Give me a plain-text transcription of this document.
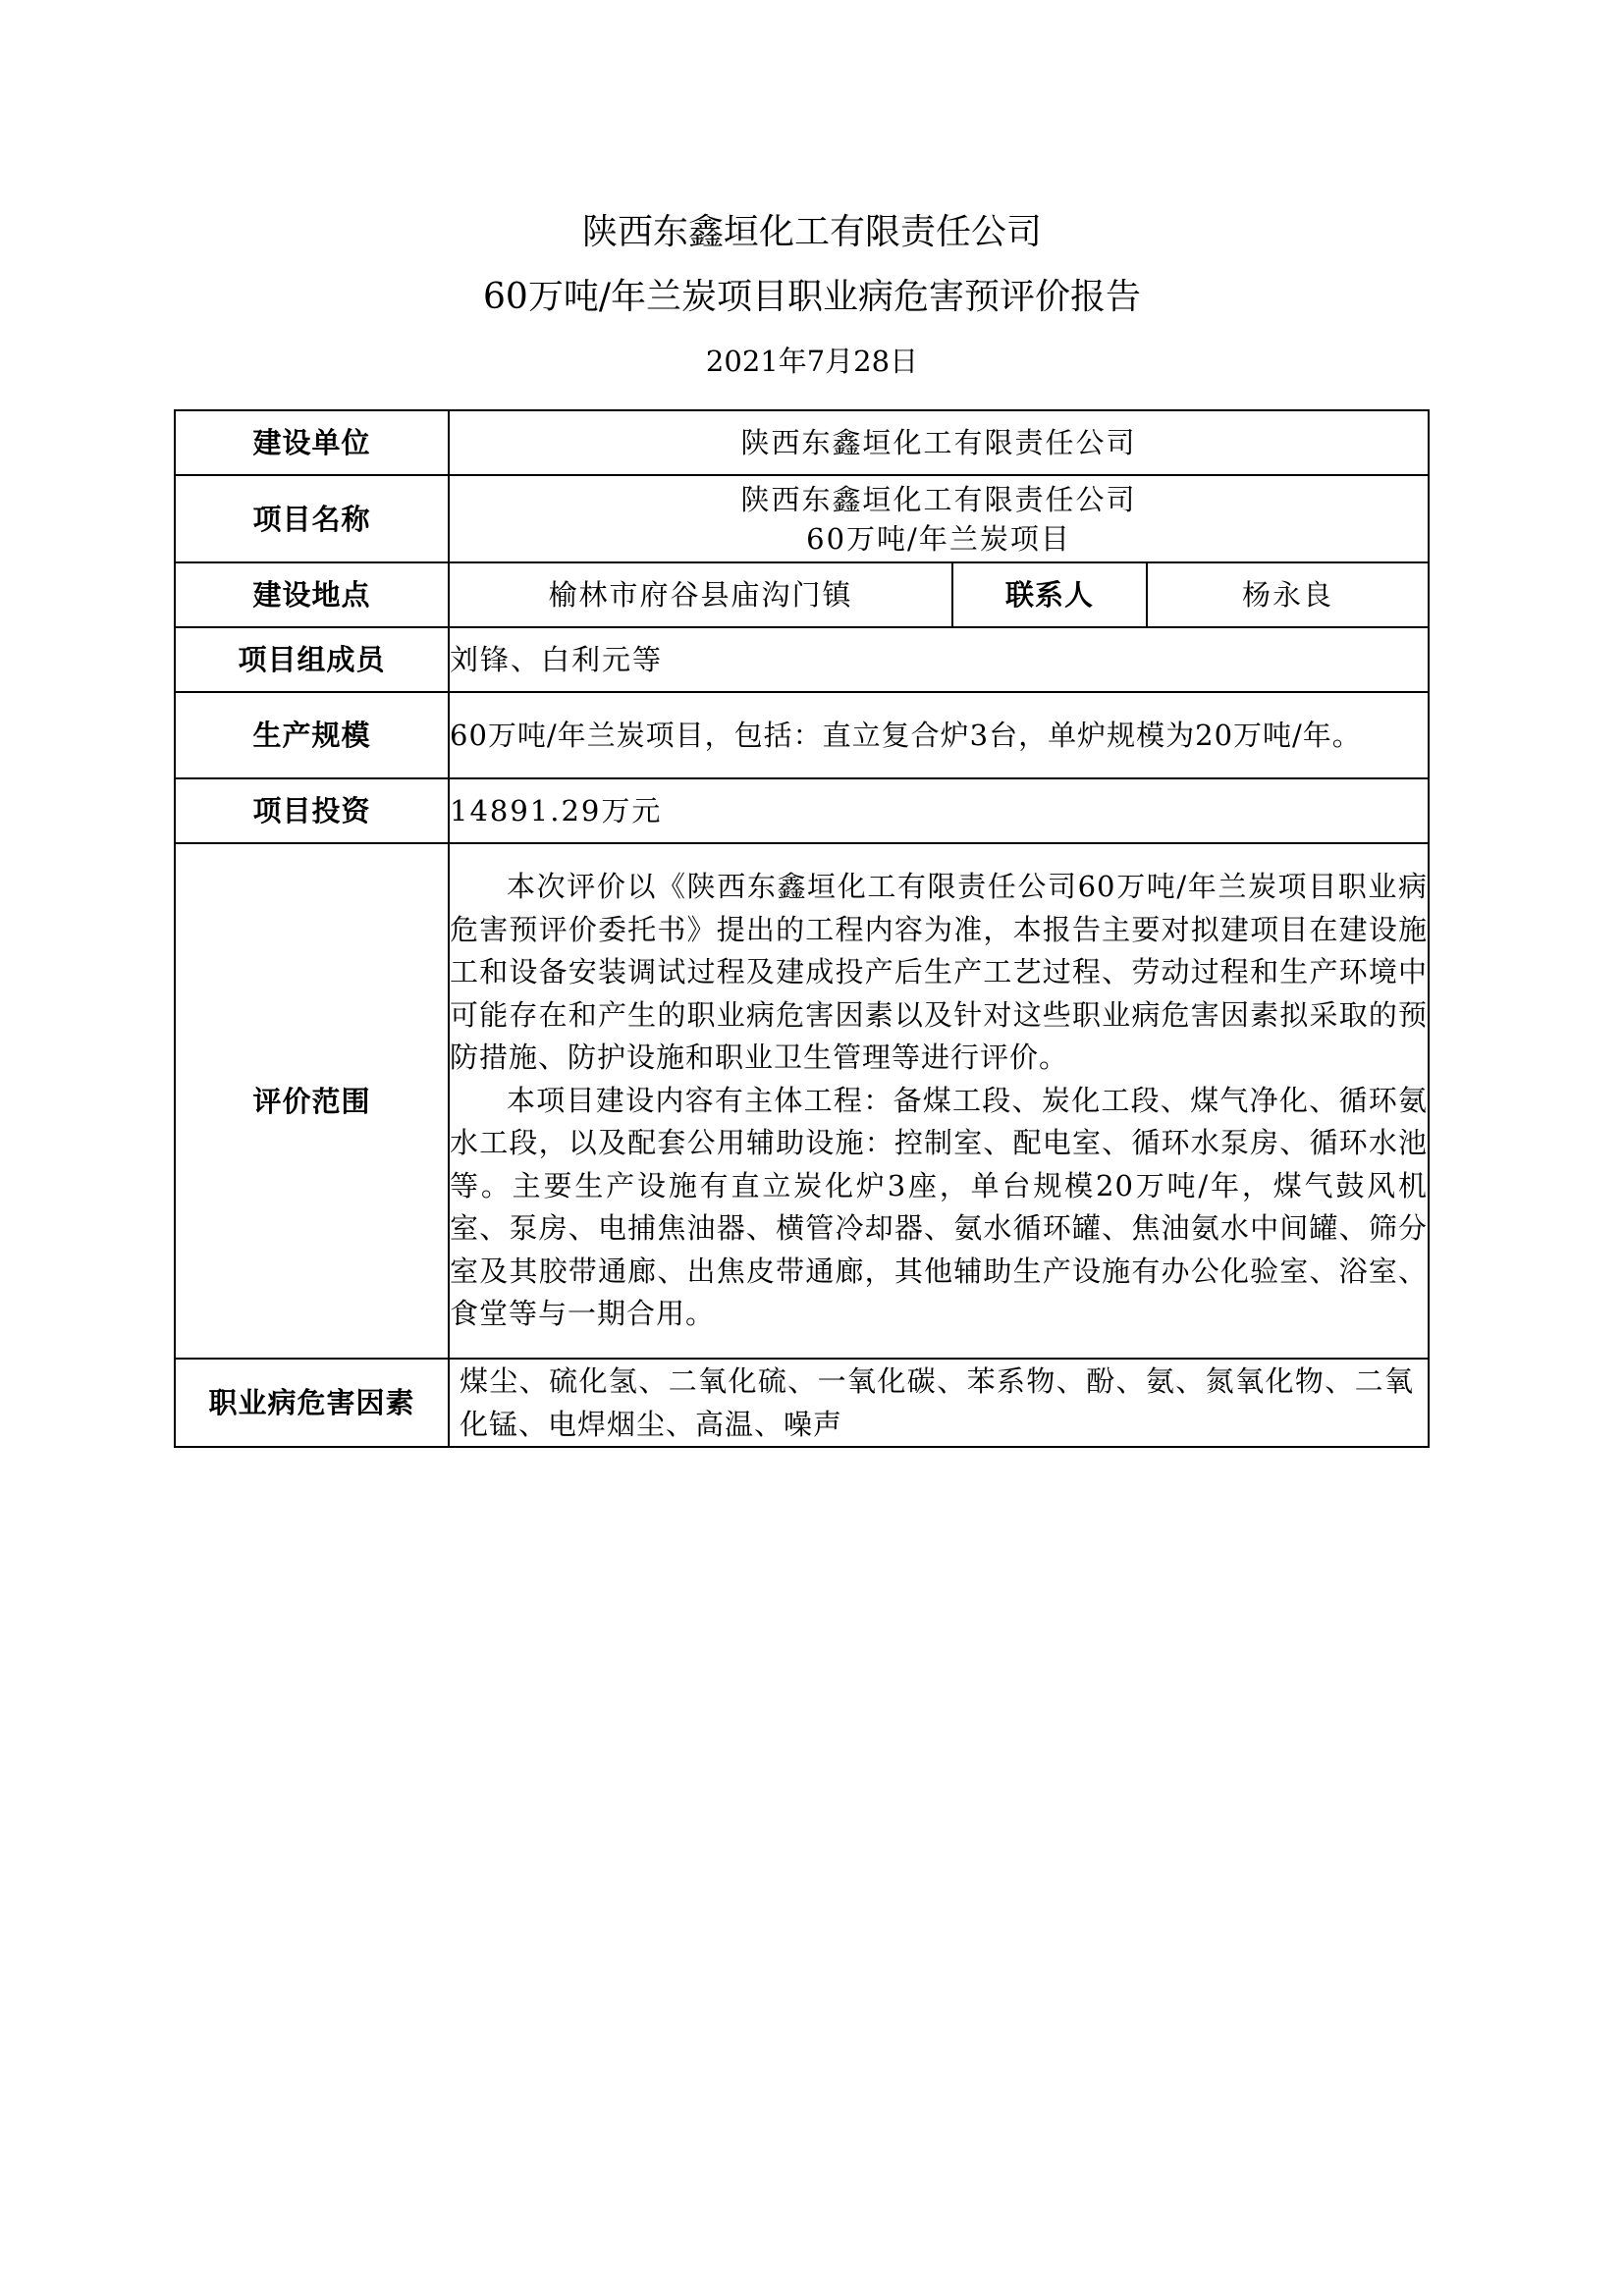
陕西东鑫垣化工有限责任公司
60万吨/年兰炭项目职业病危害预评价报告
2021年7月28日
建设单位	陕西东鑫垣化工有限责任公司		
项目名称	陕西东鑫垣化工有限责任公司
60万吨/年兰炭项目		

建设地点	榆林市府谷县庙沟门镇	联系人	杨永良
项目组成员	刘锋、白利元等		
生产规模	60万吨/年兰炭项目，包括：直立复合炉3台，单炉规模为20万吨/年。		
项目投资	14891.29万元		
评价范围	本次评价以《陕西东鑫垣化工有限责任公司60万吨/年兰炭项目职业病危害预评价委托书》提出的工程内容为准，本报告主要对拟建项目在建设施工和设备安装调试过程及建成投产后生产工艺过程、劳动过程和生产环境中可能存在和产生的职业病危害因素以及针对这些职业病危害因素拟采取的预防措施、防护设施和职业卫生管理等进行评价。

本项目建设内容有主体工程：备煤工段、炭化工段、煤气净化、循环氨水工段，以及配套公用辅助设施：控制室、配电室、循环水泵房、循环水池等。主要生产设施有直立炭化炉3座，单台规模20万吨/年，煤气鼓风机室、泵房、电捕焦油器、横管冷却器、氨水循环罐、焦油氨水中间罐、筛分室及其胶带通廊、出焦皮带通廊，其他辅助生产设施有办公化验室、浴室、食堂等与一期合用。		

职业病危害因素	煤尘、硫化氢、二氧化硫、一氧化碳、苯系物、酚、氨、氮氧化物、二氧化锰、电焊烟尘、高温、噪声		
